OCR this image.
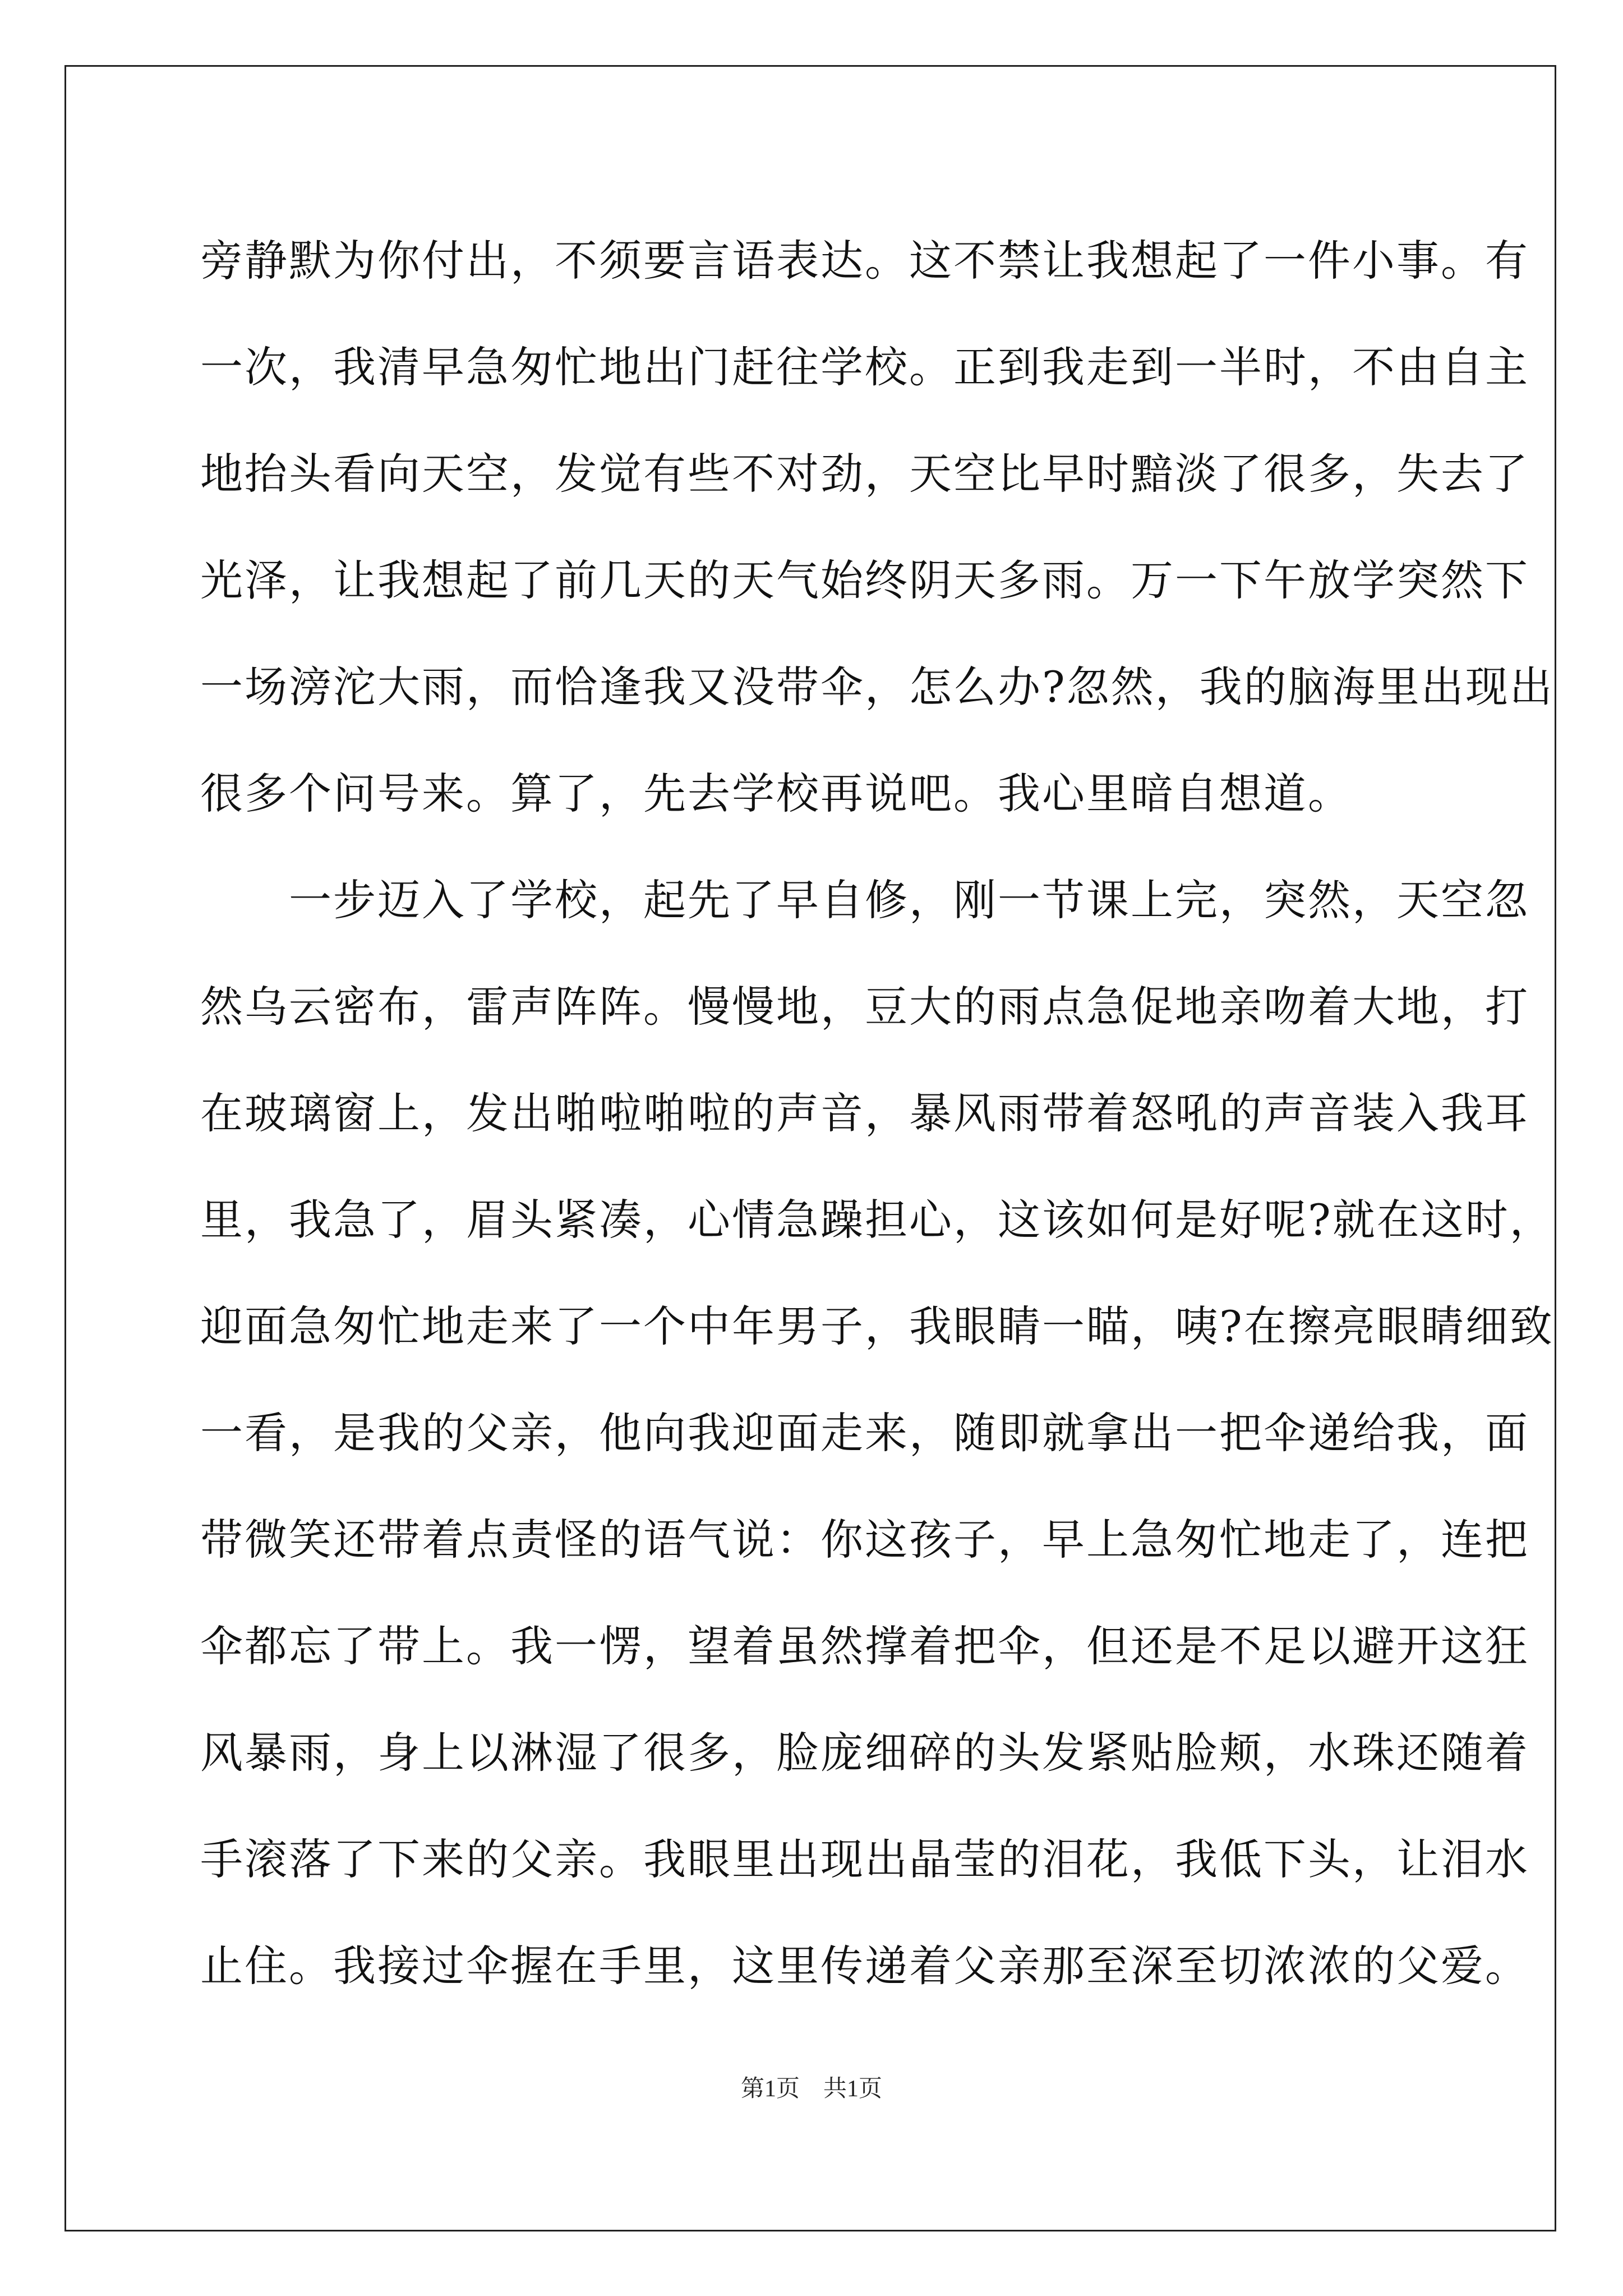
旁静默为你付出，不须要言语表达。这不禁让我想起了一件小事。有
一次，我清早急匆忙地出门赶往学校。正到我走到一半时，不由自主
地抬头看向天空，发觉有些不对劲，天空比早时黯淡了很多，失去了
光泽，让我想起了前几天的天气始终阴天多雨。万一下午放学突然下
一场滂沱大雨，而恰逢我又没带伞，怎么办?忽然，我的脑海里出现出
很多个问号来。算了，先去学校再说吧。我心里暗自想道。
　　一步迈入了学校，起先了早自修，刚一节课上完，突然，天空忽
然乌云密布，雷声阵阵。慢慢地，豆大的雨点急促地亲吻着大地，打
在玻璃窗上，发出啪啦啪啦的声音，暴风雨带着怒吼的声音装入我耳
里，我急了，眉头紧凑，心情急躁担心，这该如何是好呢?就在这时，
迎面急匆忙地走来了一个中年男子，我眼睛一瞄，咦?在擦亮眼睛细致
一看，是我的父亲，他向我迎面走来，随即就拿出一把伞递给我，面
带微笑还带着点责怪的语气说：你这孩子，早上急匆忙地走了，连把
伞都忘了带上。我一愣，望着虽然撑着把伞，但还是不足以避开这狂
风暴雨，身上以淋湿了很多，脸庞细碎的头发紧贴脸颊，水珠还随着
手滚落了下来的父亲。我眼里出现出晶莹的泪花，我低下头，让泪水
止住。我接过伞握在手里，这里传递着父亲那至深至切浓浓的父爱。
第1页　共1页
